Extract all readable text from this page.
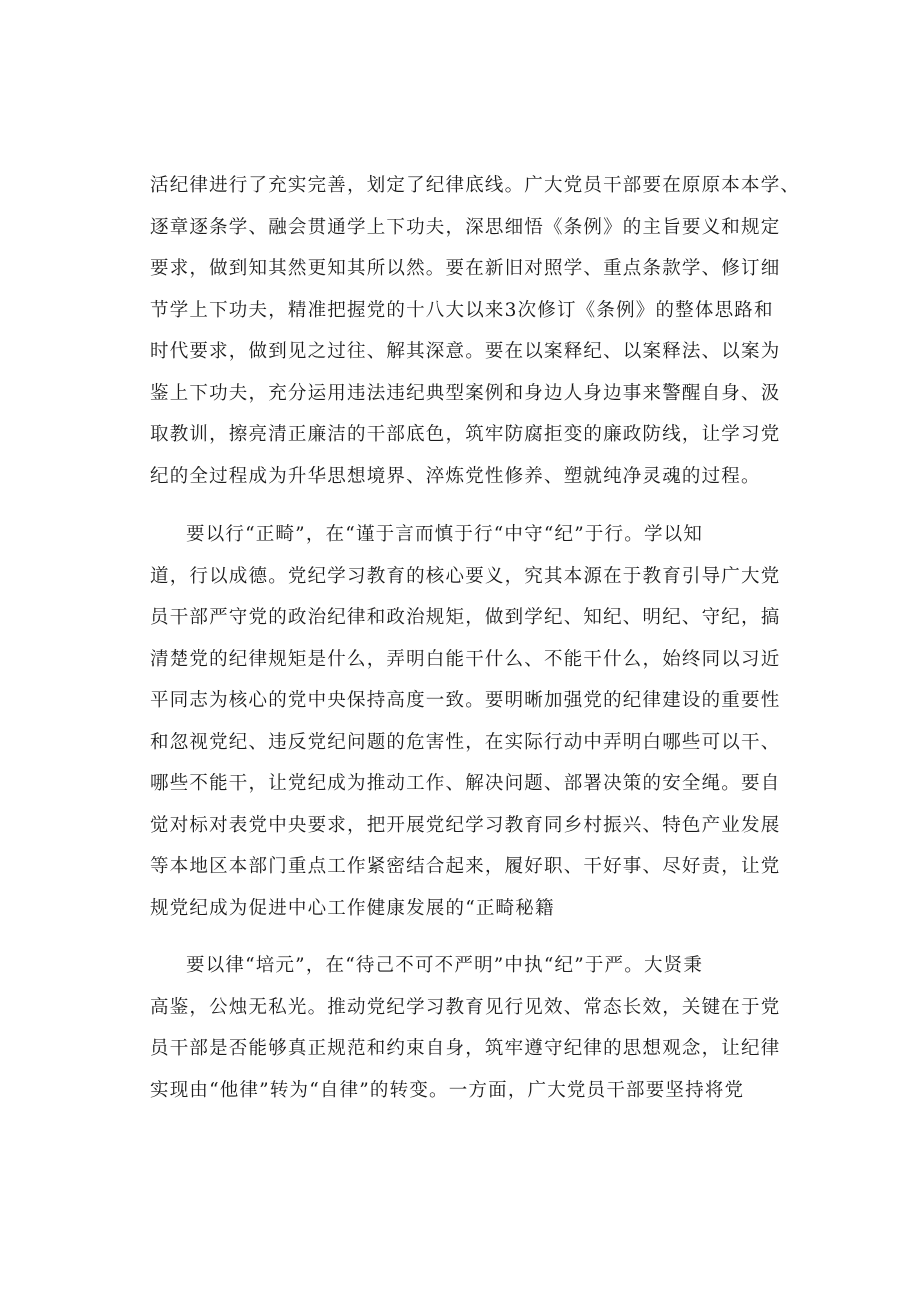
活纪律进行了充实完善，划定了纪律底线。广大党员干部要在原原本本学、
逐章逐条学、融会贯通学上下功夫，深思细悟《条例》的主旨要义和规定
要求，做到知其然更知其所以然。要在新旧对照学、重点条款学、修订细
节学上下功夫，精准把握党的十八大以来3次修订《条例》的整体思路和
时代要求，做到见之过往、解其深意。要在以案释纪、以案释法、以案为
鉴上下功夫，充分运用违法违纪典型案例和身边人身边事来警醒自身、汲
取教训，擦亮清正廉洁的干部底色，筑牢防腐拒变的廉政防线，让学习党
纪的全过程成为升华思想境界、淬炼党性修养、塑就纯净灵魂的过程。
要以行“正畸”，在“谨于言而慎于行“中守“纪”于行。学以知
道，行以成德。党纪学习教育的核心要义，究其本源在于教育引导广大党
员干部严守党的政治纪律和政治规矩，做到学纪、知纪、明纪、守纪，搞
清楚党的纪律规矩是什么，弄明白能干什么、不能干什么，始终同以习近
平同志为核心的党中央保持高度一致。要明晰加强党的纪律建设的重要性
和忽视党纪、违反党纪问题的危害性，在实际行动中弄明白哪些可以干、
哪些不能干，让党纪成为推动工作、解决问题、部署决策的安全绳。要自
觉对标对表党中央要求，把开展党纪学习教育同乡村振兴、特色产业发展
等本地区本部门重点工作紧密结合起来，履好职、干好事、尽好责，让党
规党纪成为促进中心工作健康发展的“正畸秘籍
要以律“培元”，在“待己不可不严明”中执“纪”于严。大贤秉
高鉴，公烛无私光。推动党纪学习教育见行见效、常态长效，关键在于党
员干部是否能够真正规范和约束自身，筑牢遵守纪律的思想观念，让纪律
实现由“他律”转为“自律”的转变。一方面，广大党员干部要坚持将党
